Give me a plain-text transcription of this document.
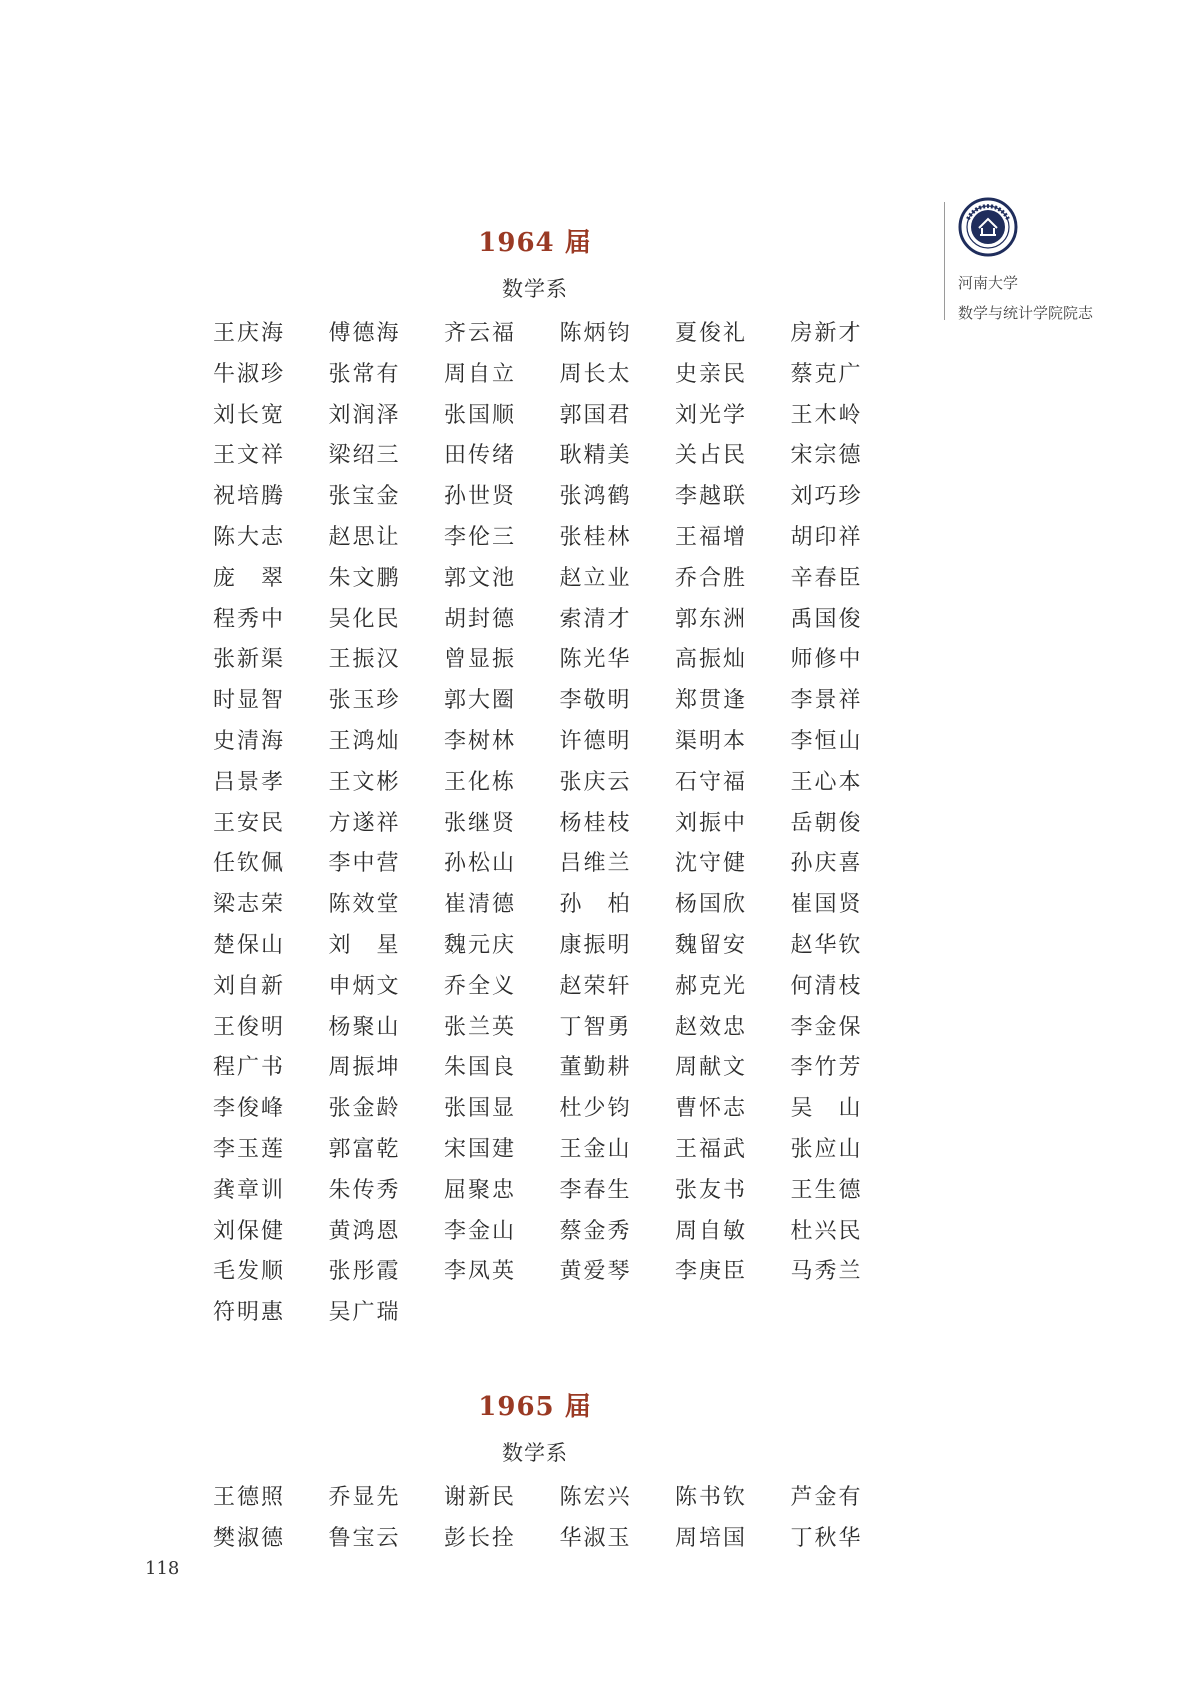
河南大学
数学与统计学院院志
1964 届
数学系
王庆海 傅德海 齐云福 陈炳钧 夏俊礼 房新才
牛淑珍 张常有 周自立 周长太 史亲民 蔡克广
刘长宽 刘润泽 张国顺 郭国君 刘光学 王木岭
王文祥 梁绍三 田传绪 耿精美 关占民 宋宗德
祝培腾 张宝金 孙世贤 张鸿鹤 李越联 刘巧珍
陈大志 赵思让 李伦三 张桂林 王福增 胡印祥
庞　翠 朱文鹏 郭文池 赵立业 乔合胜 辛春臣
程秀中 吴化民 胡封德 索清才 郭东洲 禹国俊
张新渠 王振汉 曾显振 陈光华 高振灿 师修中
时显智 张玉珍 郭大圈 李敬明 郑贯逢 李景祥
史清海 王鸿灿 李树林 许德明 渠明本 李恒山
吕景孝 王文彬 王化栋 张庆云 石守福 王心本
王安民 方遂祥 张继贤 杨桂枝 刘振中 岳朝俊
任钦佩 李中营 孙松山 吕维兰 沈守健 孙庆喜
梁志荣 陈效堂 崔清德 孙　柏 杨国欣 崔国贤
楚保山 刘　星 魏元庆 康振明 魏留安 赵华钦
刘自新 申炳文 乔全义 赵荣轩 郝克光 何清枝
王俊明 杨聚山 张兰英 丁智勇 赵效忠 李金保
程广书 周振坤 朱国良 董勤耕 周献文 李竹芳
李俊峰 张金龄 张国显 杜少钧 曹怀志 吴　山
李玉莲 郭富乾 宋国建 王金山 王福武 张应山
龚章训 朱传秀 屈聚忠 李春生 张友书 王生德
刘保健 黄鸿恩 李金山 蔡金秀 周自敏 杜兴民
毛发顺 张彤霞 李凤英 黄爱琴 李庚臣 马秀兰
符明惠 吴广瑞
1965 届
数学系
王德照 乔显先 谢新民 陈宏兴 陈书钦 芦金有
樊淑德 鲁宝云 彭长拴 华淑玉 周培国 丁秋华
118
